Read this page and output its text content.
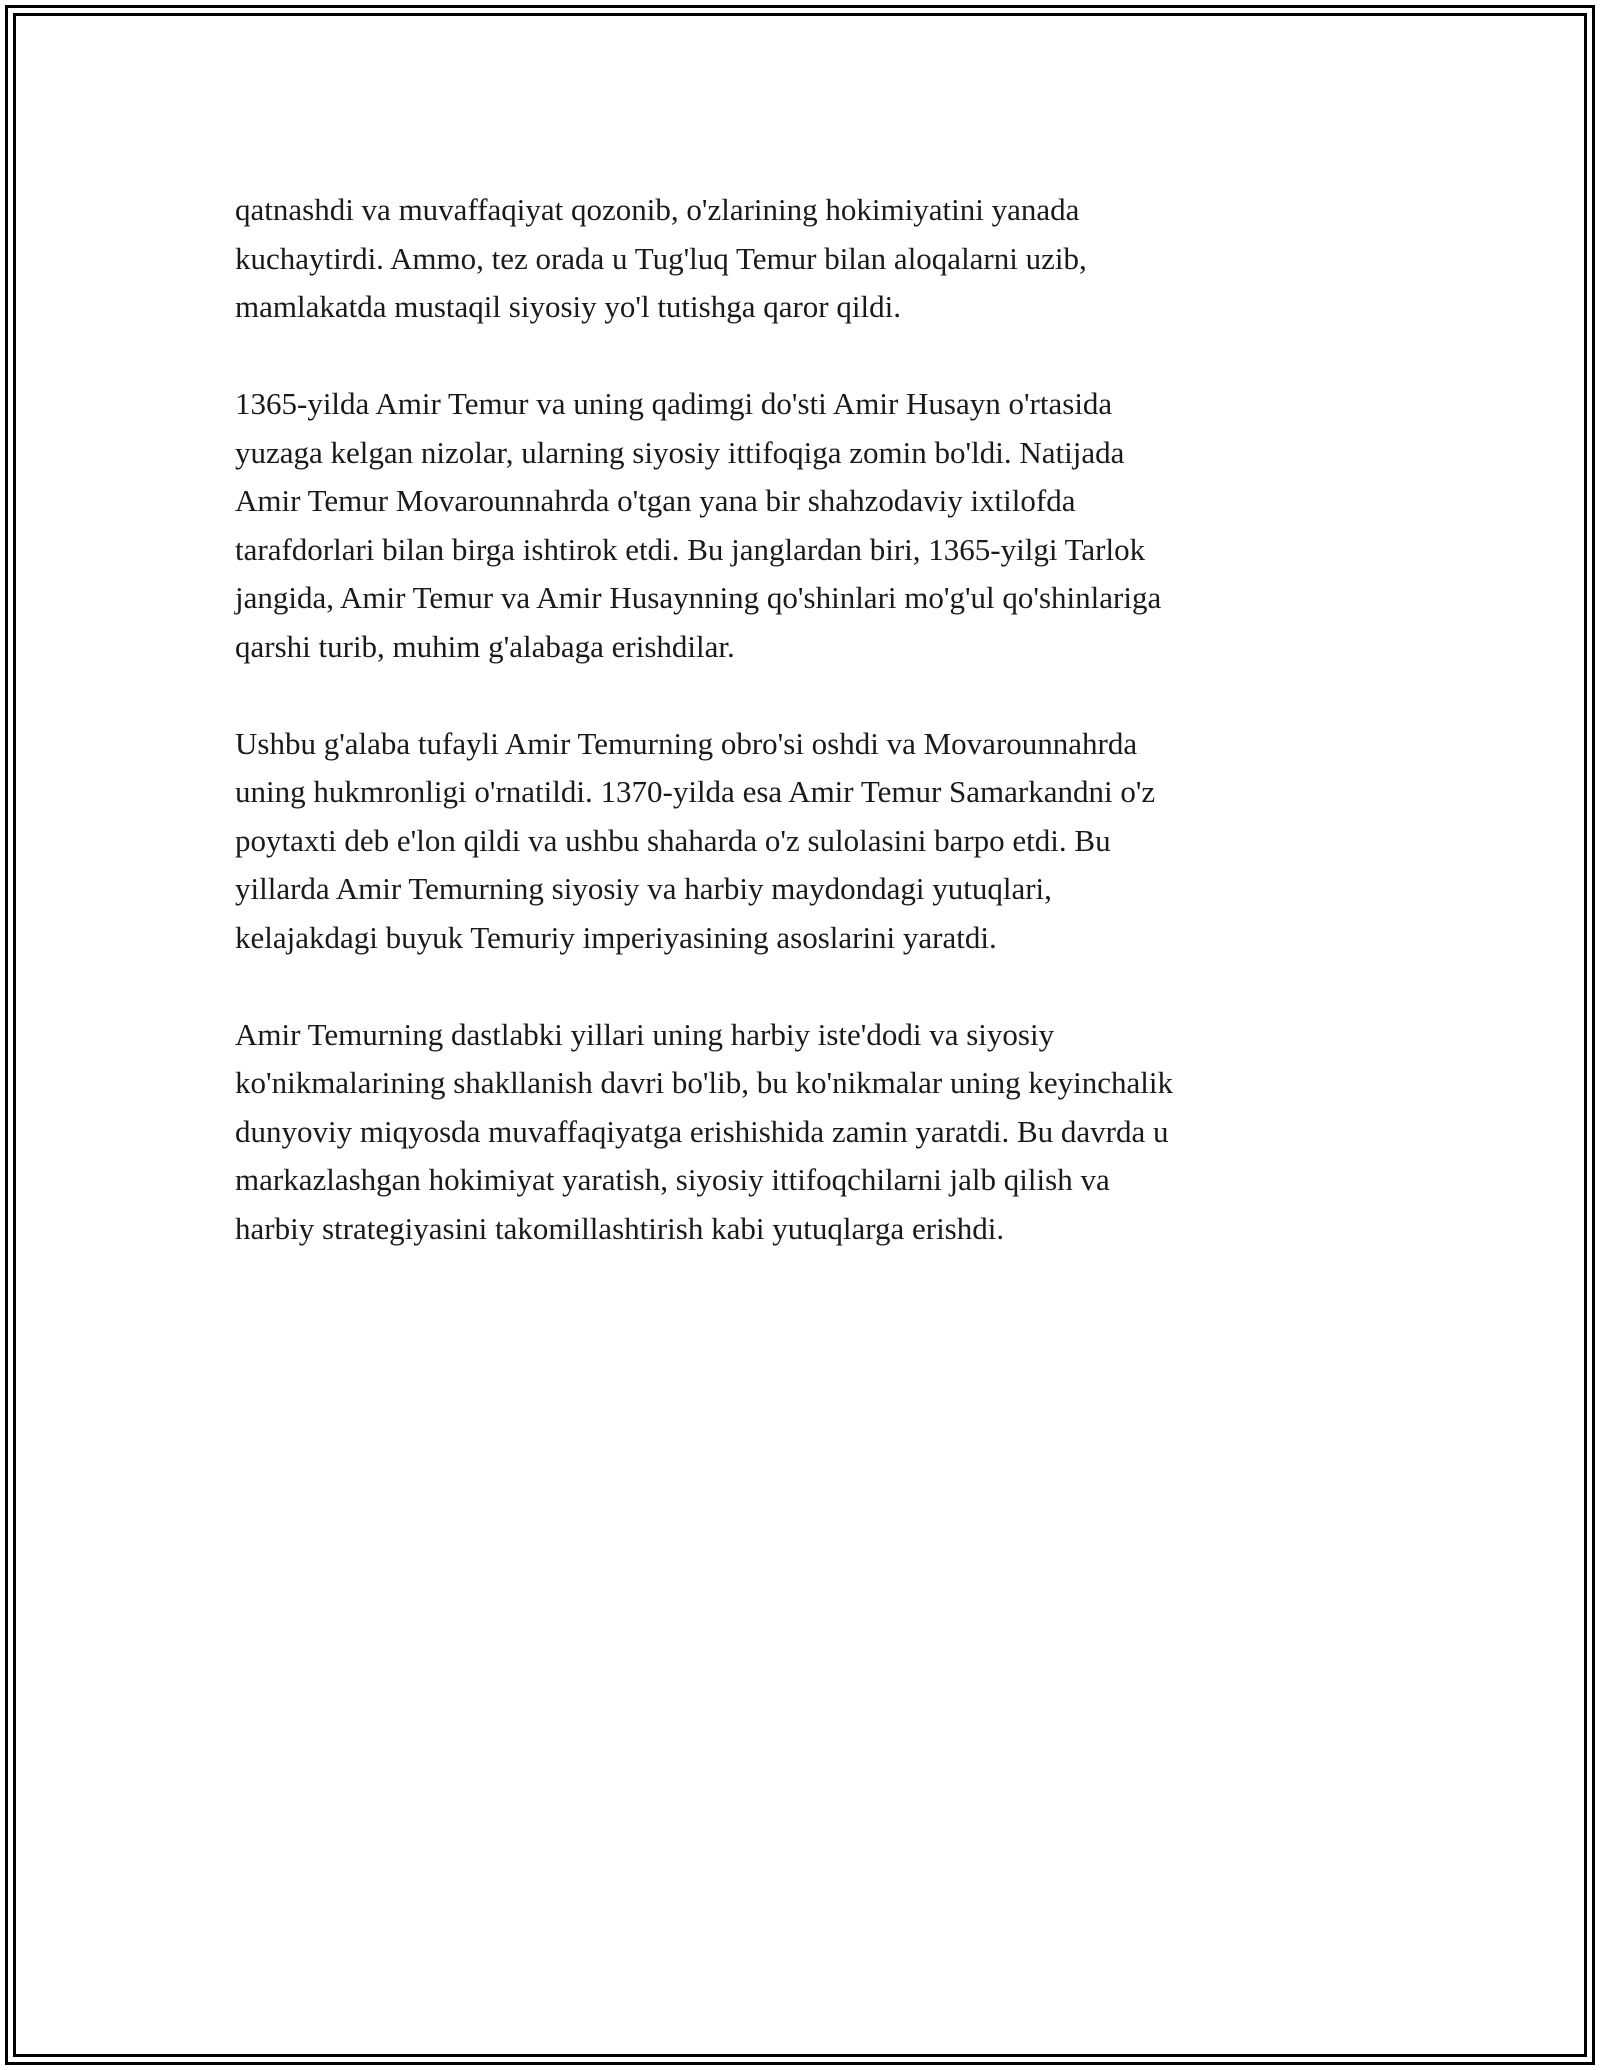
qatnashdi va muvaffaqiyat qozonib, o'zlarining hokimiyatini yanada
kuchaytirdi. Ammo, tez orada u Tug'luq Temur bilan aloqalarni uzib,
mamlakatda mustaqil siyosiy yo'l tutishga qaror qildi.

1365-yilda Amir Temur va uning qadimgi do'sti Amir Husayn o'rtasida
yuzaga kelgan nizolar, ularning siyosiy ittifoqiga zomin bo'ldi. Natijada
Amir Temur Movarounnahrda o'tgan yana bir shahzodaviy ixtilofda
tarafdorlari bilan birga ishtirok etdi. Bu janglardan biri, 1365-yilgi Tarlok
jangida, Amir Temur va Amir Husaynning qo'shinlari mo'g'ul qo'shinlariga
qarshi turib, muhim g'alabaga erishdilar.

Ushbu g'alaba tufayli Amir Temurning obro'si oshdi va Movarounnahrda
uning hukmronligi o'rnatildi. 1370-yilda esa Amir Temur Samarkandni o'z
poytaxti deb e'lon qildi va ushbu shaharda o'z sulolasini barpo etdi. Bu
yillarda Amir Temurning siyosiy va harbiy maydondagi yutuqlari,
kelajakdagi buyuk Temuriy imperiyasining asoslarini yaratdi.

Amir Temurning dastlabki yillari uning harbiy iste'dodi va siyosiy
ko'nikmalarining shakllanish davri bo'lib, bu ko'nikmalar uning keyinchalik
dunyoviy miqyosda muvaffaqiyatga erishishida zamin yaratdi. Bu davrda u
markazlashgan hokimiyat yaratish, siyosiy ittifoqchilarni jalb qilish va
harbiy strategiyasini takomillashtirish kabi yutuqlarga erishdi.
